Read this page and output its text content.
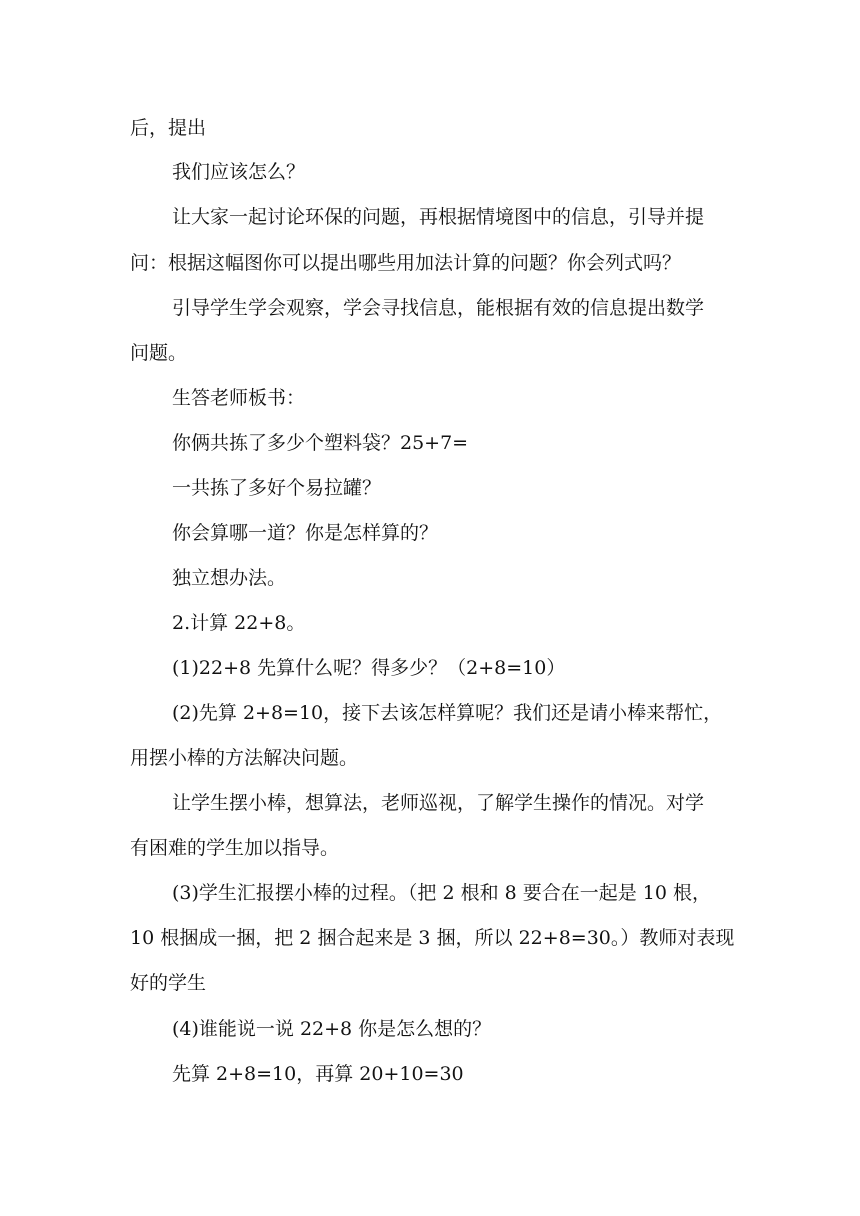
后，提出
我们应该怎么？
让大家一起讨论环保的问题，再根据情境图中的信息，引导并提
问：根据这幅图你可以提出哪些用加法计算的问题？你会列式吗？
引导学生学会观察，学会寻找信息，能根据有效的信息提出数学
问题。
生答老师板书：
你俩共拣了多少个塑料袋？25+7=
一共拣了多好个易拉罐？
你会算哪一道？你是怎样算的？
独立想办法。
2.计算 22+8。
(1)22+8 先算什么呢？得多少？（2+8=10）
(2)先算 2+8=10，接下去该怎样算呢？我们还是请小棒来帮忙，
用摆小棒的方法解决问题。
让学生摆小棒，想算法，老师巡视，了解学生操作的情况。对学
有困难的学生加以指导。
(3)学生汇报摆小棒的过程。（把 2 根和 8 要合在一起是 10 根，
10 根捆成一捆，把 2 捆合起来是 3 捆，所以 22+8=30。）教师对表现
好的学生
(4)谁能说一说 22+8 你是怎么想的？
先算 2+8=10，再算 20+10=30
